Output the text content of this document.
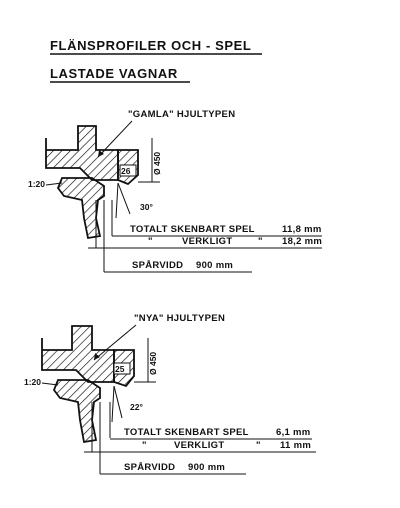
FLÄNSPROFILER OCH - SPEL
LASTADE VAGNAR
"GAMLA" HJULTYPEN
26
1:20
Ø 450
30°
TOTALT SKENBART SPEL	11,8 mm
"	VERKLIGT	" 18,2 mm
SPÅRVIDD 900 mm
"NYA" HJULTYPEN
25
1:20
Ø 450
22°
TOTALT SKENBART SPEL	6,1 mm
"	VERKLIGT	" 11 mm
SPÅRVIDD 900 mm
